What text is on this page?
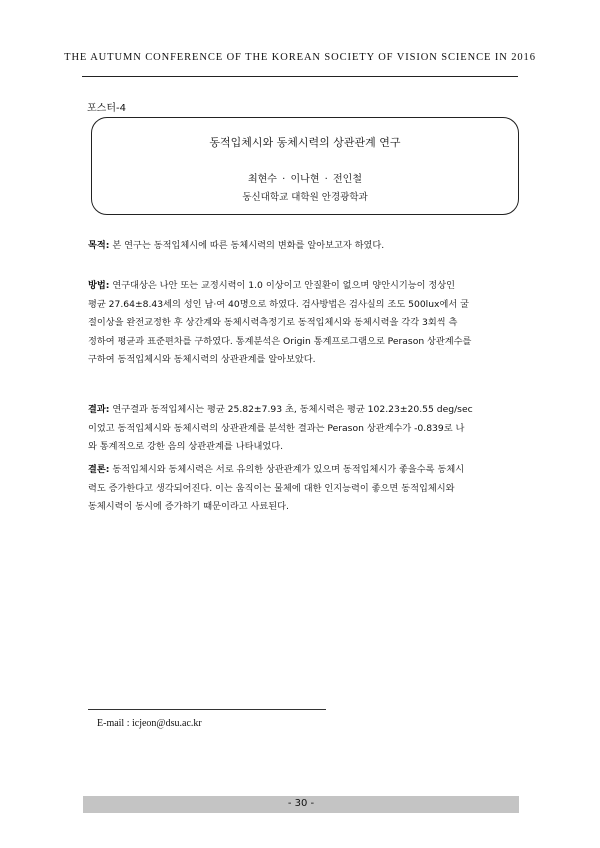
THE AUTUMN CONFERENCE OF THE KOREAN SOCIETY OF VISION SCIENCE IN 2016
포스터-4
동적입체시와 동체시력의 상관관계 연구
최현수 · 이나현 · 전인철
동신대학교 대학원 안경광학과
목적: 본 연구는 동적입체시에 따른 동체시력의 변화를 알아보고자 하였다.
방법: 연구대상은 나안 또는 교정시력이 1.0 이상이고 안질환이 없으며 양안시기능이 정상인
평균 27.64±8.43세의 성인 남·여 40명으로 하였다. 검사방법은 검사실의 조도 500lux에서 굴
절이상을 완전교정한 후 상간계와 동체시력측정기로 동적입체시와 동체시력을 각각 3회씩 측
정하여 평균과 표준편차를 구하였다. 통계분석은 Origin 통계프로그램으로 Perason 상관계수를
구하여 동적입체시와 동체시력의 상관관계를 알아보았다.
결과: 연구결과 동적입체시는 평균 25.82±7.93 초, 동체시력은 평균 102.23±20.55 deg/sec
이었고 동적입체시와 동체시력의 상관관계를 분석한 결과는 Perason 상관계수가 -0.839로 나
와 통계적으로 강한 음의 상관관계를 나타내었다.
결론: 동적입체시와 동체시력은 서로 유의한 상관관계가 있으며 동적입체시가 좋을수록 동체시
력도 증가한다고 생각되어진다. 이는 움직이는 물체에 대한 인지능력이 좋으면 동적입체시와
동체시력이 동시에 증가하기 때문이라고 사료된다.
E-mail : icjeon@dsu.ac.kr
- 30 -
